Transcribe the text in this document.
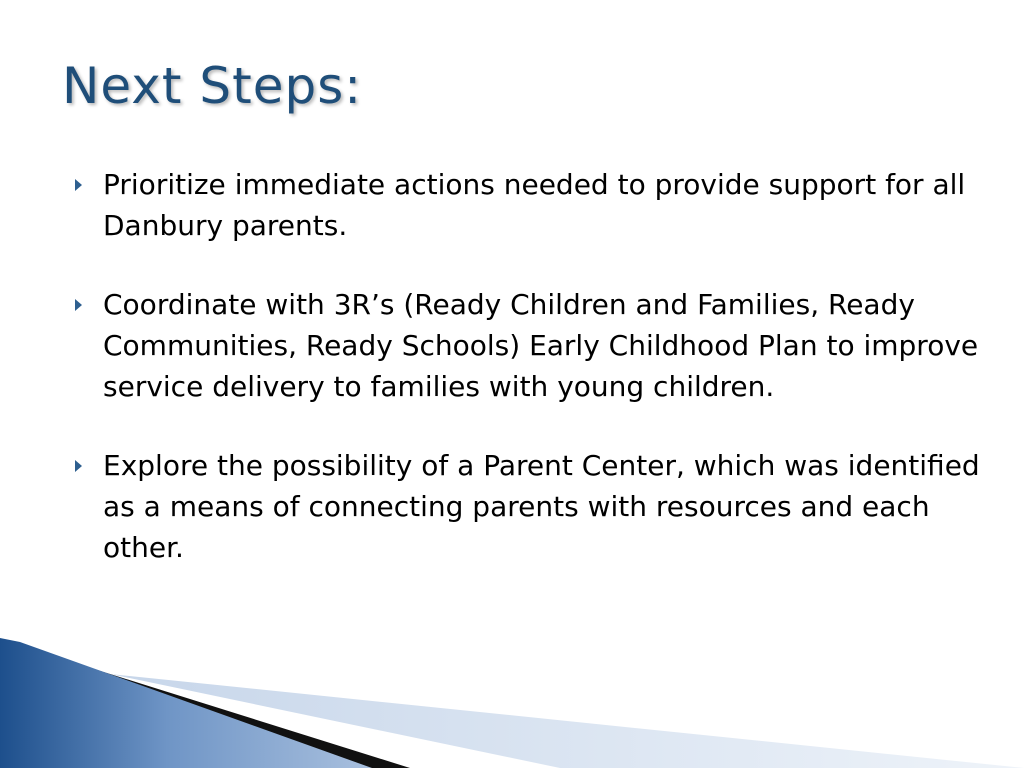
Next Steps:
Prioritize immediate actions needed to provide support for all Danbury parents.
Coordinate with 3R’s (Ready Children and Families, Ready Communities, Ready Schools) Early Childhood Plan to improve service delivery to families with young children.
Explore the possibility of a Parent Center, which was identified as a means of connecting parents with resources and each other.
